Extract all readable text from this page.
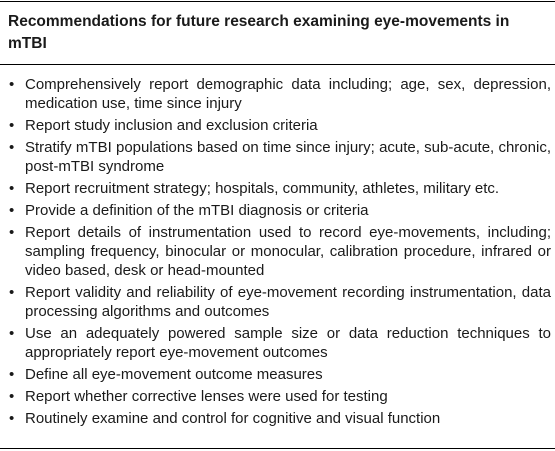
Recommendations for future research examining eye-movements in mTBI
• Comprehensively report demographic data including; age, sex, depression, medication use, time since injury
• Report study inclusion and exclusion criteria
• Stratify mTBI populations based on time since injury; acute, sub-acute, chronic, post-mTBI syndrome
• Report recruitment strategy; hospitals, community, athletes, military etc.
• Provide a definition of the mTBI diagnosis or criteria
• Report details of instrumentation used to record eye-movements, including; sampling frequency, binocular or monocular, calibration procedure, infrared or video based, desk or head-mounted
• Report validity and reliability of eye-movement recording instrumentation, data processing algorithms and outcomes
• Use an adequately powered sample size or data reduction techniques to appropriately report eye-movement outcomes
• Define all eye-movement outcome measures
• Report whether corrective lenses were used for testing
• Routinely examine and control for cognitive and visual function
